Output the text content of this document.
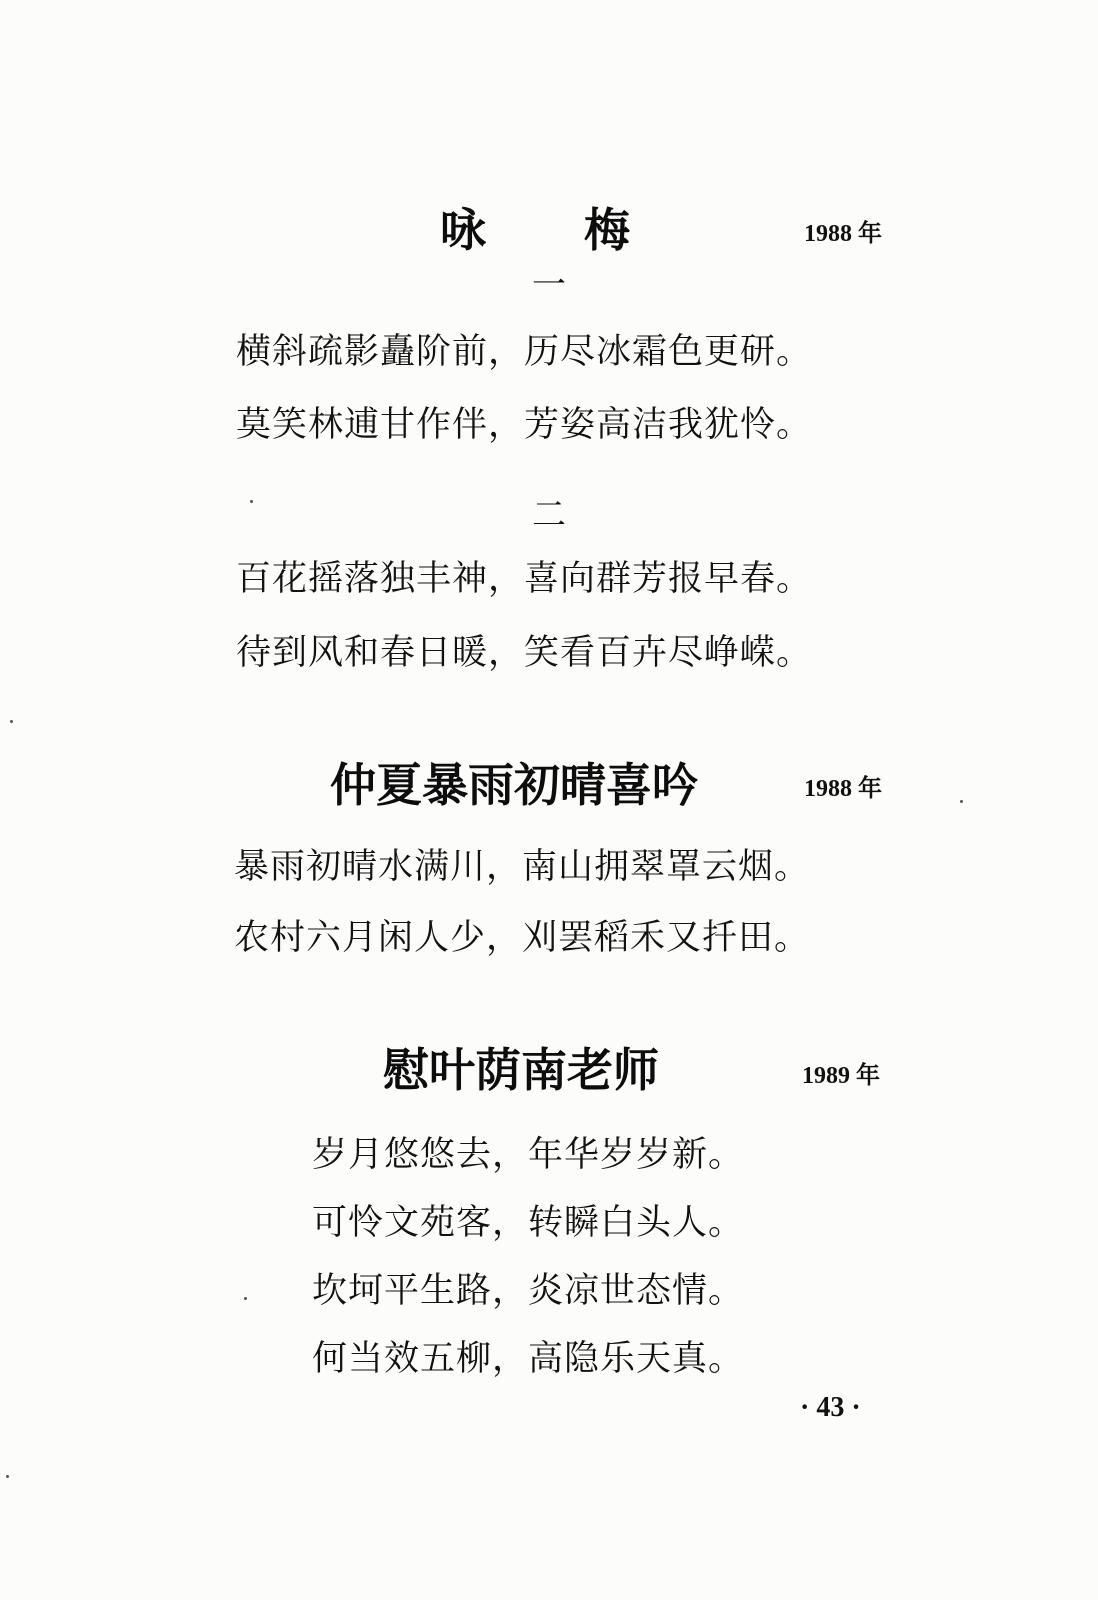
咏　　梅	1988 年
一
横斜疏影矗阶前，历尽冰霜色更研。
莫笑林逋甘作伴，芳姿高洁我犹怜。
二
百花摇落独丰神，喜向群芳报早春。
待到风和春日暖，笑看百卉尽峥嵘。
仲夏暴雨初晴喜吟	1988 年
暴雨初晴水满川，南山拥翠罩云烟。
农村六月闲人少，刈罢稻禾又扦田。
慰叶荫南老师	1989 年
岁月悠悠去，年华岁岁新。
可怜文苑客，转瞬白头人。
坎坷平生路，炎凉世态情。
何当效五柳，高隐乐天真。
· 43 ·
